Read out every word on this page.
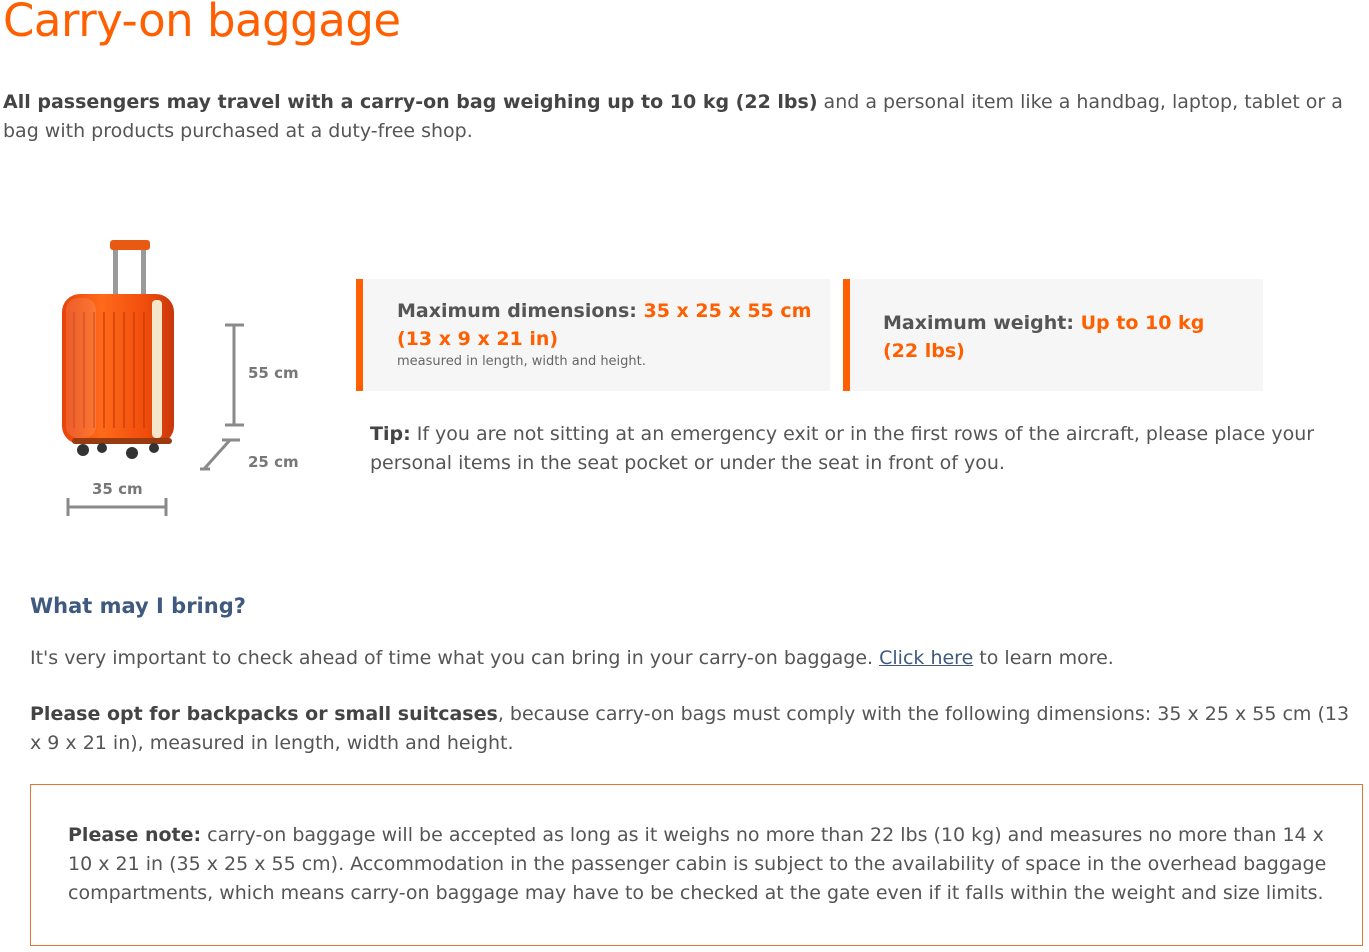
Carry-on baggage

All passengers may travel with a carry-on bag weighing up to 10 kg (22 lbs) and a personal item like a handbag, laptop, tablet or a bag with products purchased at a duty-free shop.

55 cm
25 cm
35 cm
Maximum dimensions: 35 x 25 x 55 cm
(13 x 9 x 21 in)
measured in length, width and height.
Maximum weight: Up to 10 kg
(22 lbs)

Tip: If you are not sitting at an emergency exit or in the first rows of the aircraft, please place your personal items in the seat pocket or under the seat in front of you.

What may I bring?

It's very important to check ahead of time what you can bring in your carry-on baggage. Click here to learn more.

Please opt for backpacks or small suitcases, because carry-on bags must comply with the following dimensions: 35 x 25 x 55 cm (13 x 9 x 21 in), measured in length, width and height.

Please note: carry-on baggage will be accepted as long as it weighs no more than 22 lbs (10 kg) and measures no more than 14 x 10 x 21 in (35 x 25 x 55 cm). Accommodation in the passenger cabin is subject to the availability of space in the overhead baggage compartments, which means carry-on baggage may have to be checked at the gate even if it falls within the weight and size limits.
